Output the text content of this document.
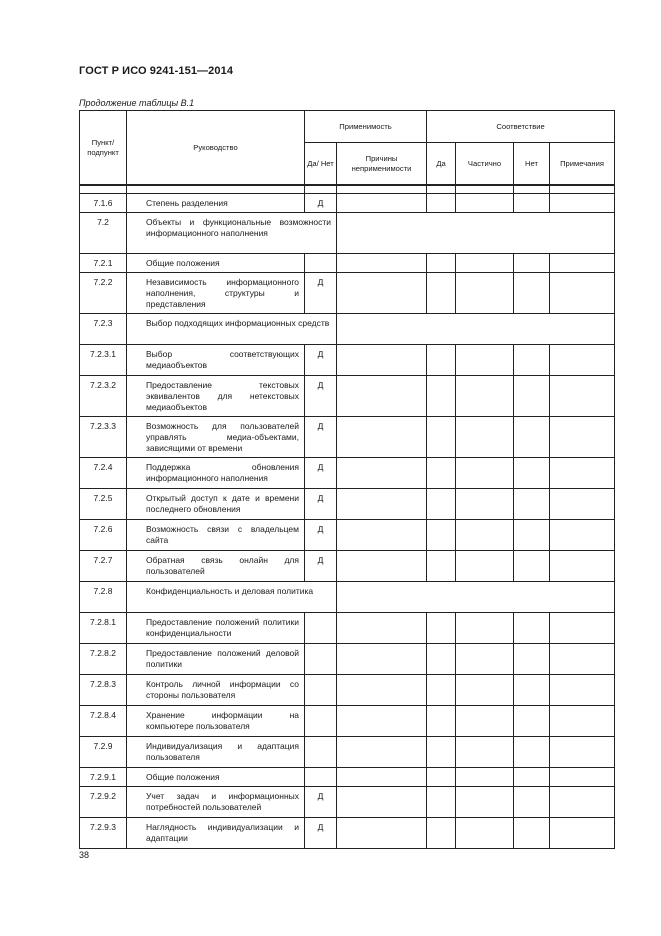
ГОСТ Р ИСО 9241-151—2014
Продолжение таблицы В.1
Пункт/ подпункт	Руководство	Применимость		Соответствие			
		Да/ Нет	Причины неприменимости	Да	Частично	Нет	Примечания

7.1.6	Степень разделения	Д					
7.2	Объекты и функциональные возможности информационного наполнения						
7.2.1	Общие положения						
7.2.2	Независимость информационного наполнения, структуры и представления	Д					
7.2.3	Выбор подходящих информационных средств						
7.2.3.1	Выбор соответствующих медиаобъектов	Д					
7.2.3.2	Предоставление текстовых эквивалентов для нетекстовых медиаобъектов	Д					
7.2.3.3	Возможность для пользователей управлять медиа-объектами, зависящими от времени	Д					
7.2.4	Поддержка обновления информационного наполнения	Д					
7.2.5	Открытый доступ к дате и времени последнего обновления	Д					
7.2.6	Возможность связи с владельцем сайта	Д					
7.2.7	Обратная связь онлайн для пользователей	Д					
7.2.8	Конфиденциальность и деловая политика						
7.2.8.1	Предоставление положений политики конфиденциальности						
7.2.8.2	Предоставление положений деловой политики						
7.2.8.3	Контроль личной информации со стороны пользователя						
7.2.8.4	Хранение информации на компьютере пользователя						
7.2.9	Индивидуализация и адаптация пользователя						
7.2.9.1	Общие положения						
7.2.9.2	Учет задач и информационных потребностей пользователей	Д					
7.2.9.3	Наглядность индивидуализации и адаптации	Д					
38
